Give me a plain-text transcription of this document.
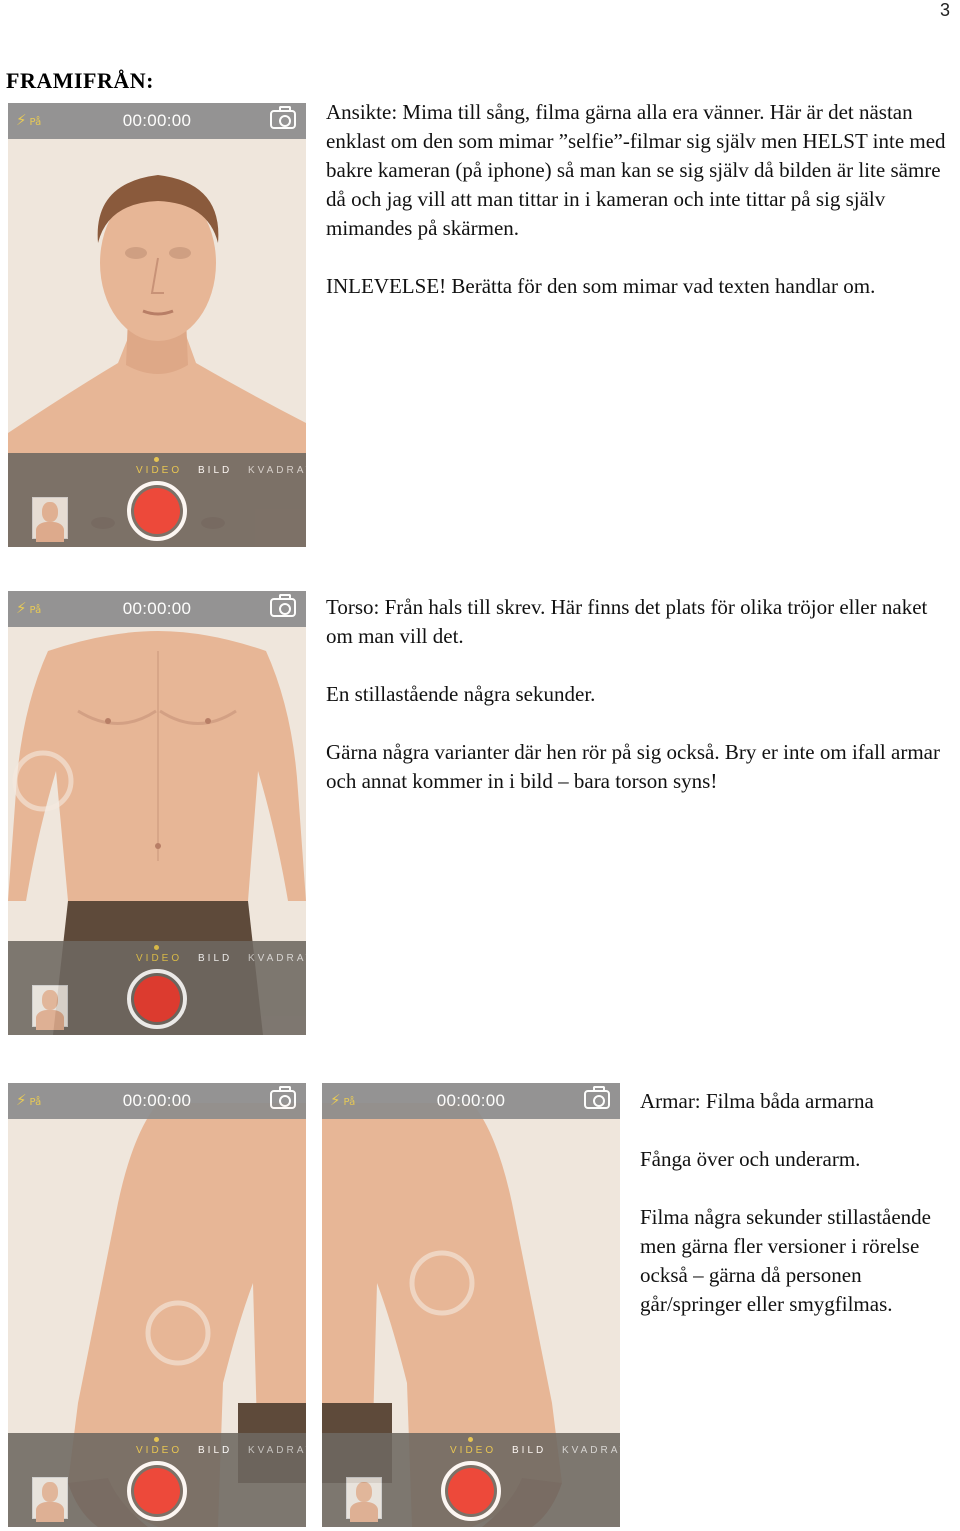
3
FRAMIFRÅN:
⚡ På	00:00:00
VIDEO BILD KVADRAT

Ansikte: Mima till sång, filma gärna alla era vänner. Här är det nästan enklast om den som mimar ”selfie”-filmar sig själv men HELST inte med bakre kameran (på iphone) så man kan se sig själv då bilden är lite sämre då och jag vill att man tittar in i kameran och inte tittar på sig själv mimandes på skärmen.

INLEVELSE! Berätta för den som mimar vad texten handlar om.

⚡ På	00:00:00
VIDEO BILD KVADRAT

Torso: Från hals till skrev. Här finns det plats för olika tröjor eller naket om man vill det.

En stillastående några sekunder.

Gärna några varianter där hen rör på sig också. Bry er inte om ifall armar och annat kommer in i bild – bara torson syns!

⚡ På	00:00:00
VIDEO BILD KVADRAT
⚡ På	00:00:00
VIDEO BILD KVADRAT

Armar: Filma båda armarna

Fånga över och underarm.

Filma några sekunder stillastående men gärna fler versioner i rörelse också – gärna då personen går/springer eller smygfilmas.
